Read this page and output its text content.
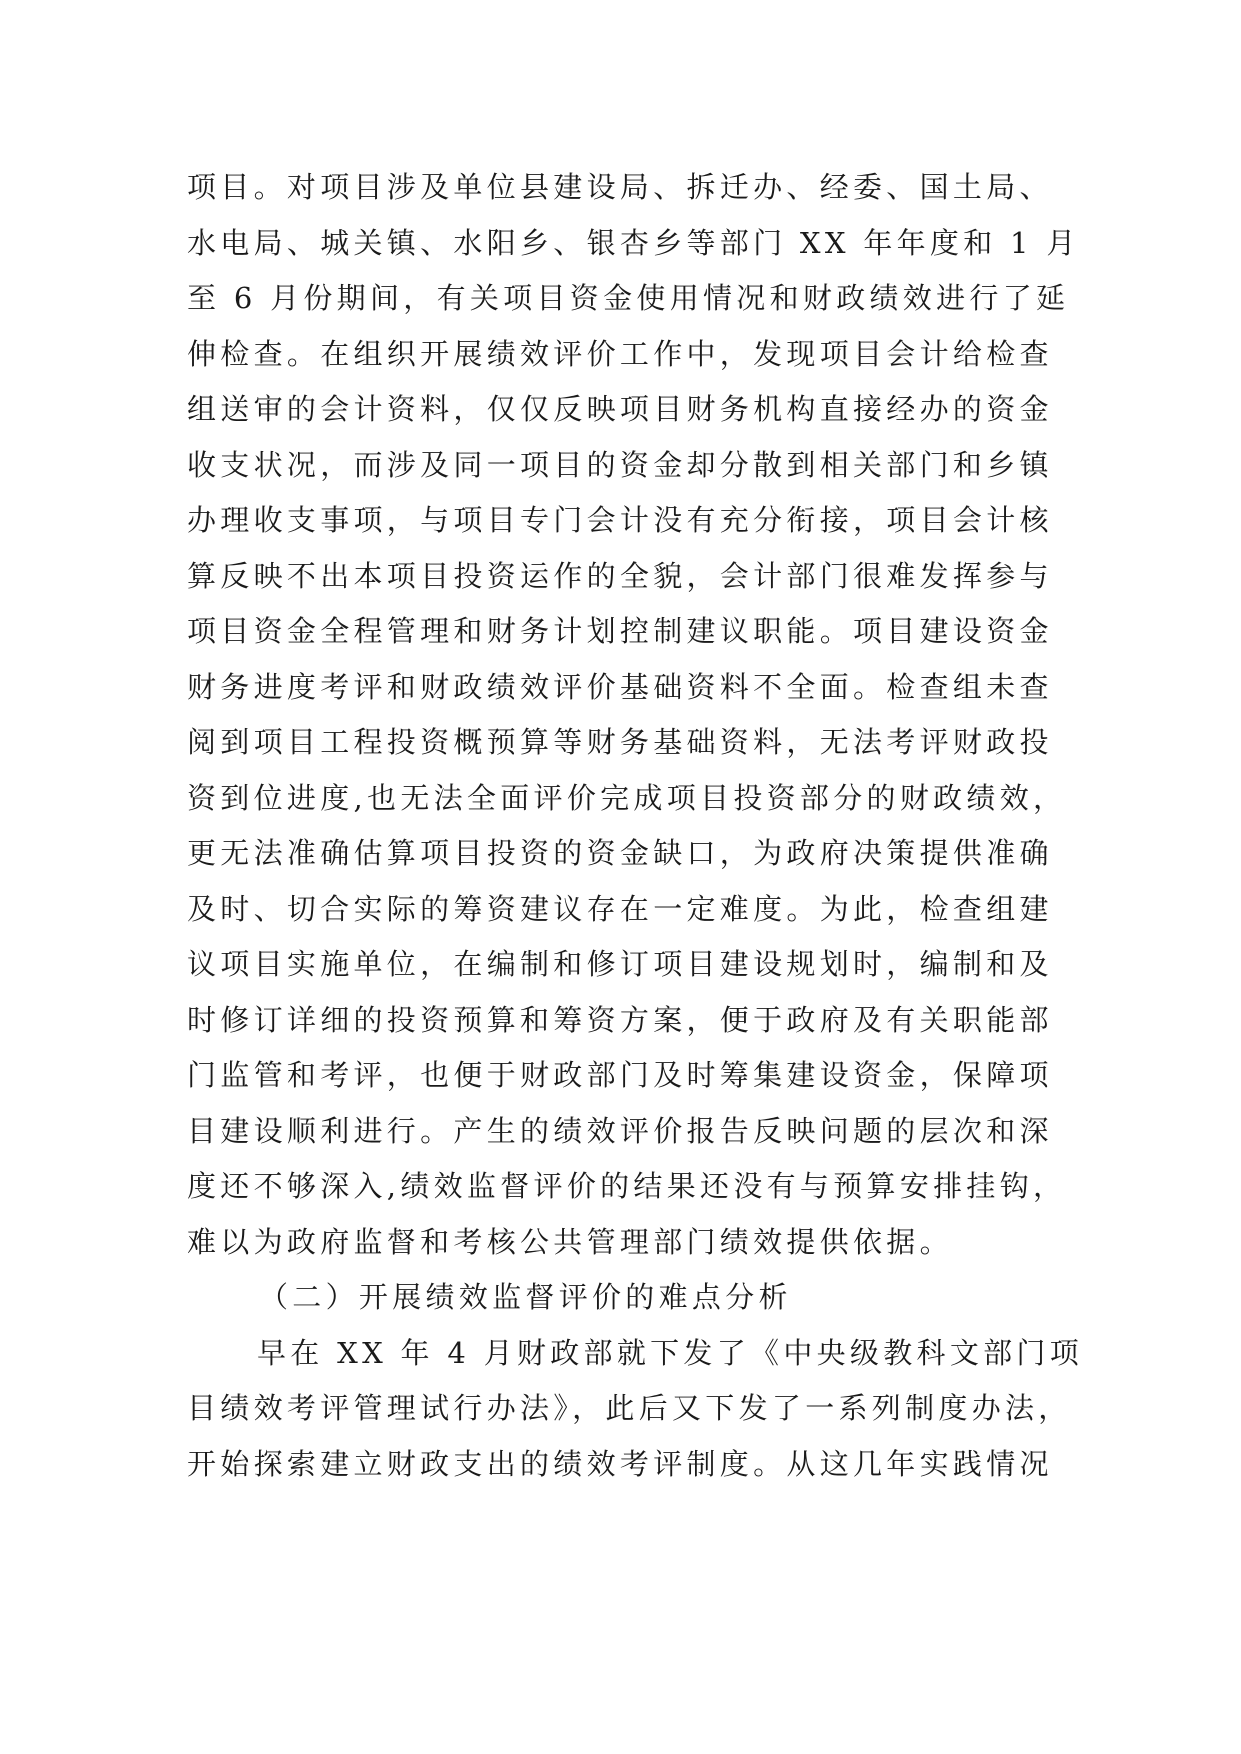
项目。对项目涉及单位县建设局、拆迁办、经委、国土局、
水电局、城关镇、水阳乡、银杏乡等部门 XX 年年度和 1 月
至 6 月份期间，有关项目资金使用情况和财政绩效进行了延
伸检查。在组织开展绩效评价工作中，发现项目会计给检查
组送审的会计资料，仅仅反映项目财务机构直接经办的资金
收支状况，而涉及同一项目的资金却分散到相关部门和乡镇
办理收支事项，与项目专门会计没有充分衔接，项目会计核
算反映不出本项目投资运作的全貌，会计部门很难发挥参与
项目资金全程管理和财务计划控制建议职能。项目建设资金
财务进度考评和财政绩效评价基础资料不全面。检查组未查
阅到项目工程投资概预算等财务基础资料，无法考评财政投
资到位进度,也无法全面评价完成项目投资部分的财政绩效，
更无法准确估算项目投资的资金缺口，为政府决策提供准确
及时、切合实际的筹资建议存在一定难度。为此，检查组建
议项目实施单位，在编制和修订项目建设规划时，编制和及
时修订详细的投资预算和筹资方案，便于政府及有关职能部
门监管和考评，也便于财政部门及时筹集建设资金，保障项
目建设顺利进行。产生的绩效评价报告反映问题的层次和深
度还不够深入,绩效监督评价的结果还没有与预算安排挂钩，
难以为政府监督和考核公共管理部门绩效提供依据。
（二）开展绩效监督评价的难点分析
早在 XX 年 4 月财政部就下发了《中央级教科文部门项
目绩效考评管理试行办法》，此后又下发了一系列制度办法，
开始探索建立财政支出的绩效考评制度。从这几年实践情况
